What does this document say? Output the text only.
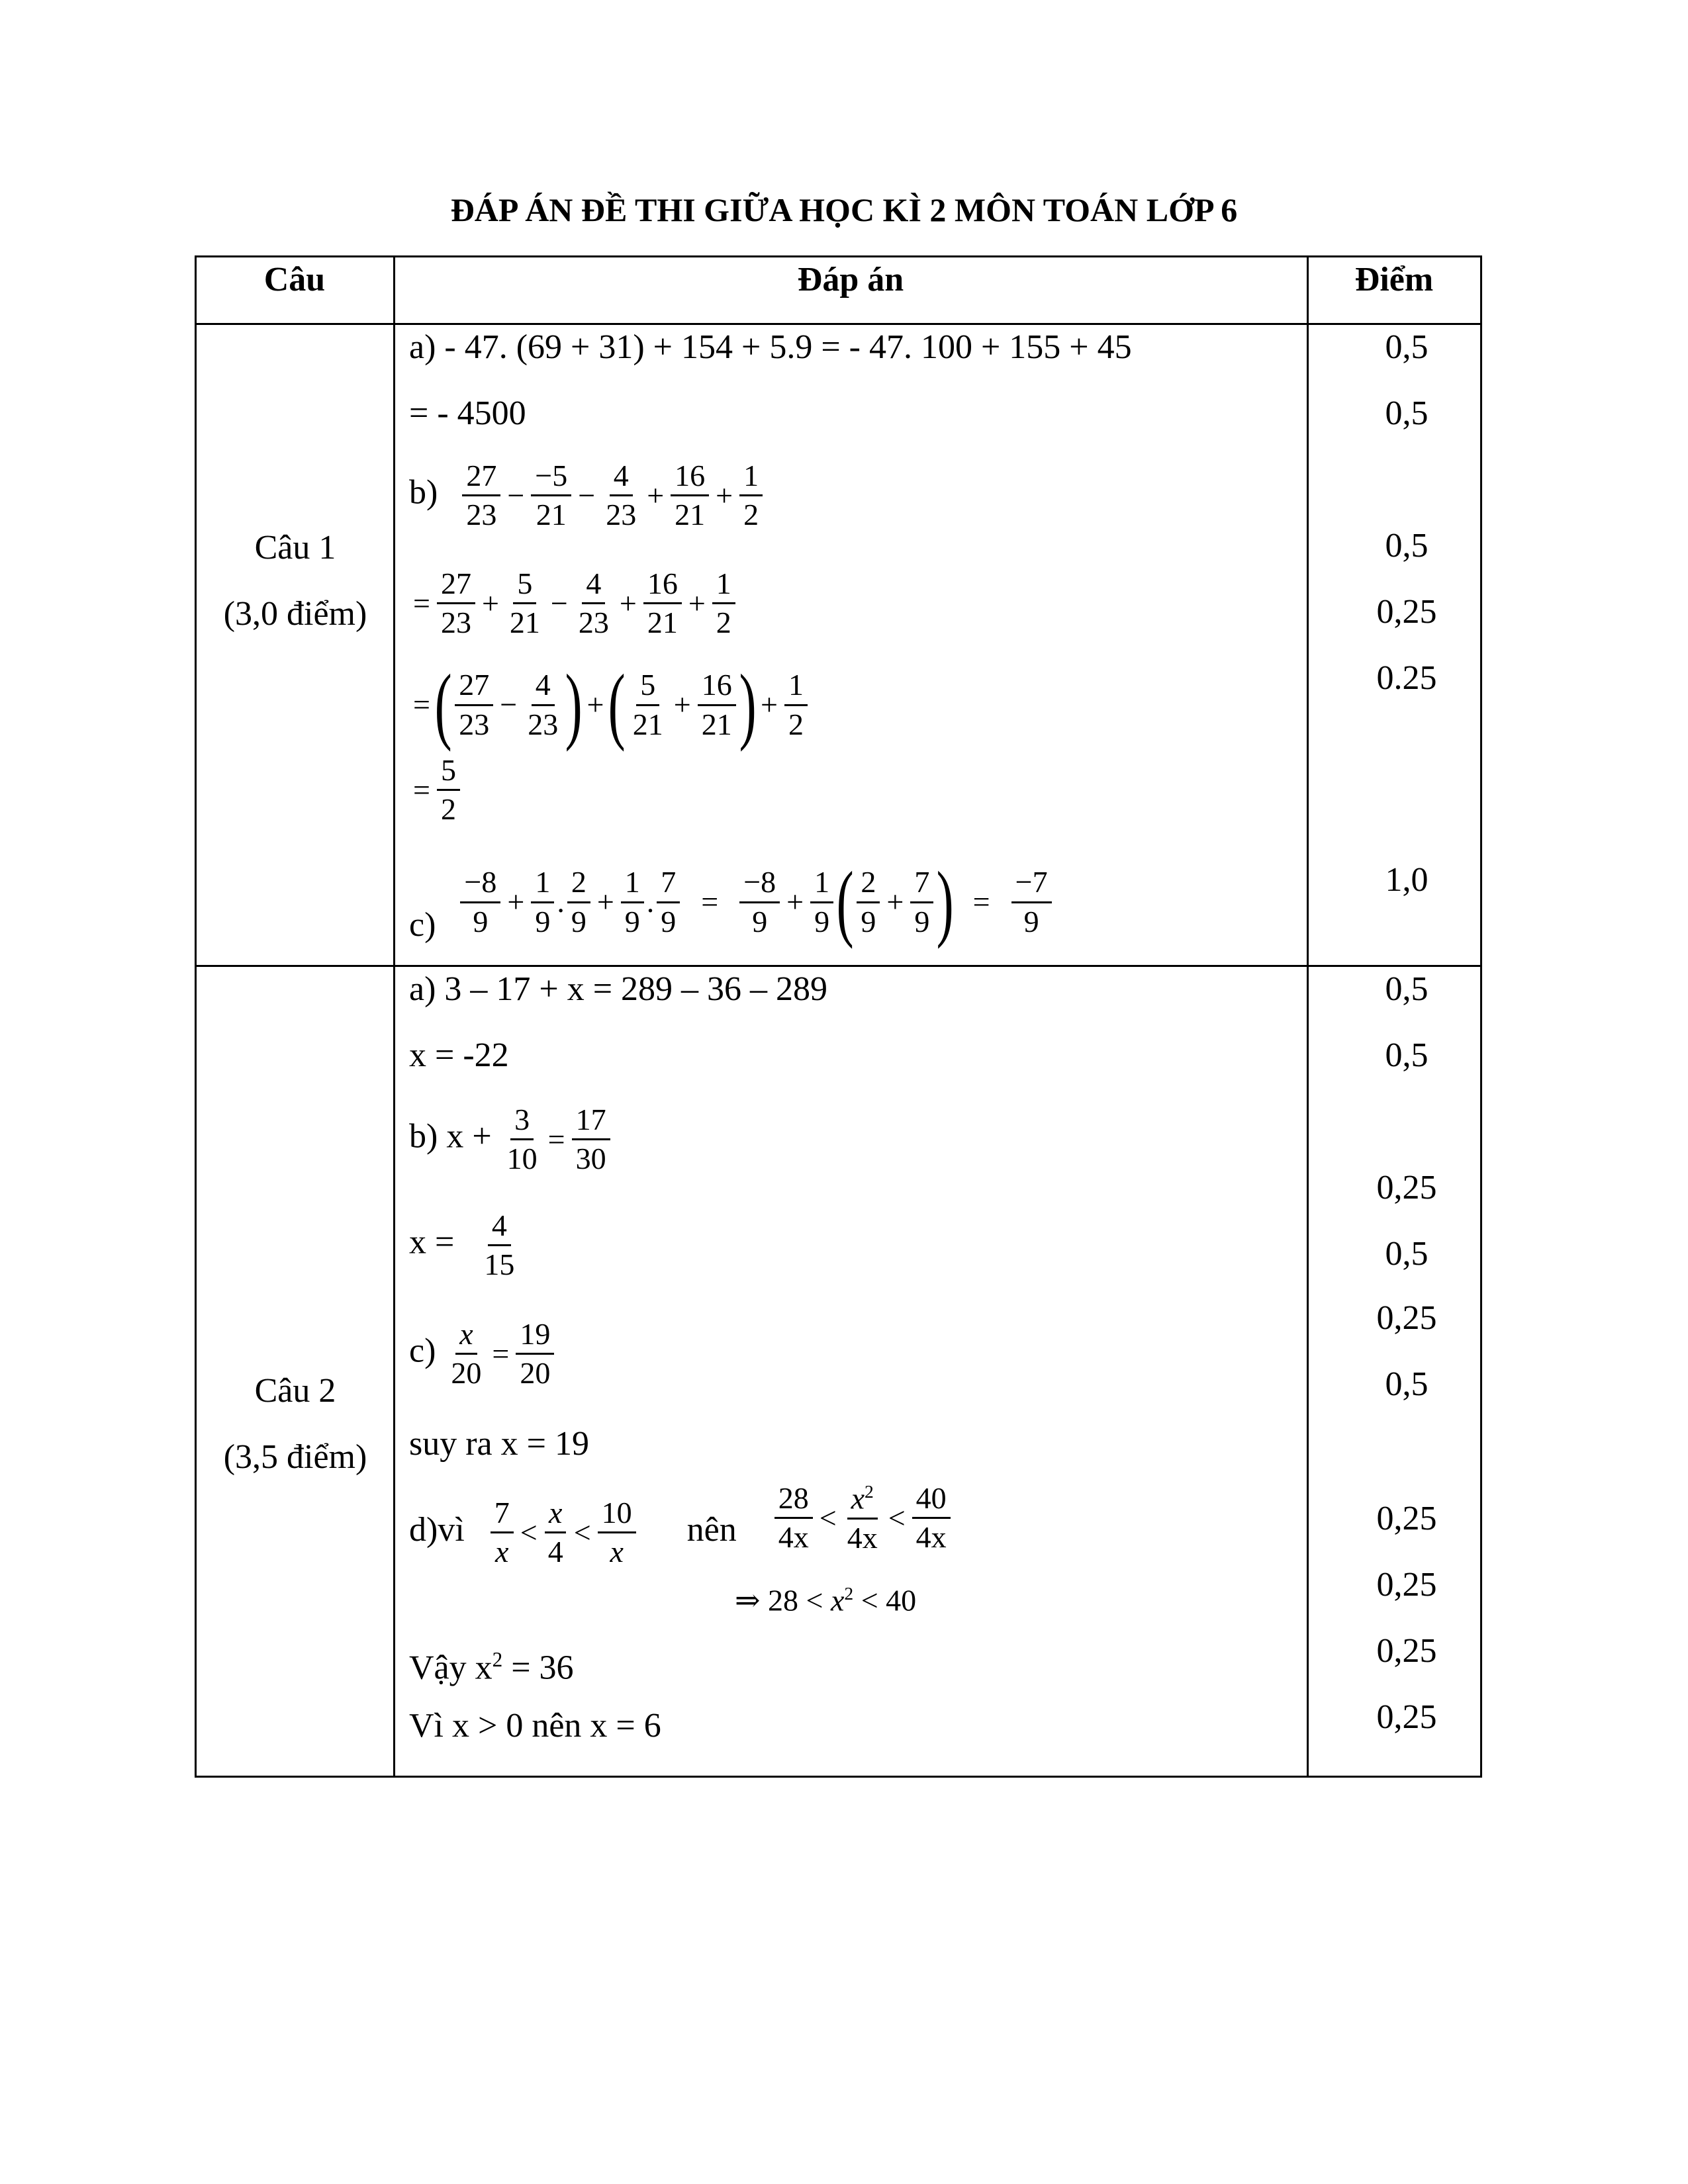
ĐÁP ÁN ĐỀ THI GIỮA HỌC KÌ 2 MÔN TOÁN LỚP 6
Câu	Đáp án	Điểm
Câu 1
(3,0 điểm)
a) - 47. (69 + 31) + 154 + 5.9 = - 47. 100 + 155 + 45
= - 4500
$b) \frac{27}{23} - \frac{-5}{21} - \frac{4}{23} + \frac{16}{21} + \frac{1}{2}$
= $\frac{27}{23} + \frac{5}{21} - \frac{4}{23} + \frac{16}{21} + \frac{1}{2}$
= ( $\frac{27}{23} - \frac{4}{23}$ ) + ( $\frac{5}{21} + \frac{16}{21}$ ) + $\frac{1}{2}$
= $\frac{5}{2}$
$c) \frac{-8}{9} + \frac{1}{9}$ . $\frac{2}{9} + \frac{1}{9}$ . $\frac{7}{9} = \frac{-8}{9} + \frac{1}{9}$ ( $\frac{2}{9} + \frac{7}{9}$ ) = $\frac{-7}{9}$
0,5
0,5
0,5
0,25
0.25
1,0
Câu 2
(3,5 điểm)
a) 3 – 17 + x = 289 – 36 – 289
x = -22
b) $x + \frac{3}{10} = \frac{17}{30}$
$x = \frac{4}{15}$
$c) \frac{x}{20} = \frac{19}{20}$
suy ra x = 19
d)vì $\frac{7}{x} < \frac{x}{4} < \frac{10}{x}$ nên $\frac{28}{4x} < \frac{x^2}{4x} < \frac{40}{4x}$
⇒ $28 < x^2 < 40$
Vậy $x^2 = 36$
Vì x > 0 nên x = 6
0,5
0,5
0,25
0,5
0,25
0,5
0,25
0,25
0,25
0,25
